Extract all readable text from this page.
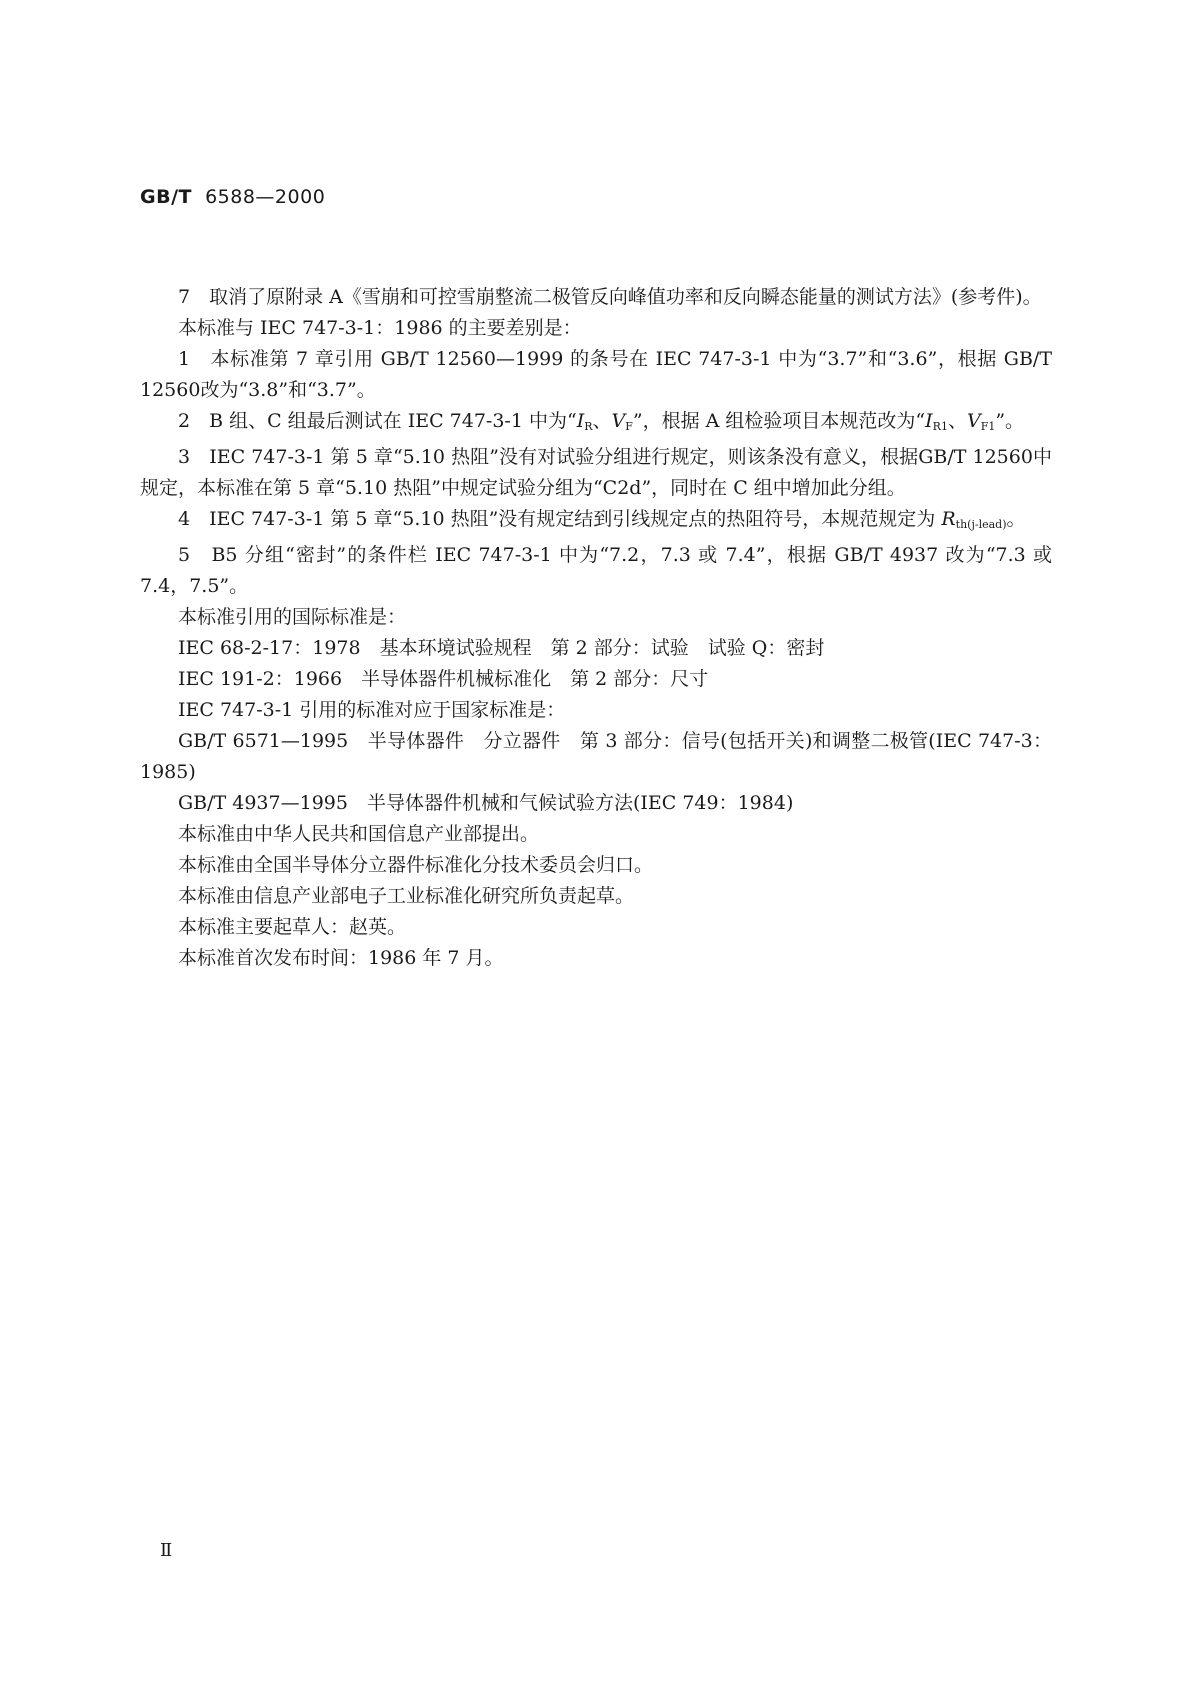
GB/T 6588—2000

7　取消了原附录 A《雪崩和可控雪崩整流二极管反向峰值功率和反向瞬态能量的测试方法》(参考件)。

本标准与 IEC 747-3-1：1986 的主要差别是：

1　本标准第 7 章引用 GB/T 12560—1999 的条号在 IEC 747-3-1 中为“3.7”和“3.6”，根据 GB/T 12560改为“3.8”和“3.7”。

2　B 组、C 组最后测试在 IEC 747-3-1 中为“$I_R$、$V_F$”，根据 A 组检验项目本规范改为“$I_{R1}$、$V_{F1}$”。

3　IEC 747-3-1 第 5 章“5.10 热阻”没有对试验分组进行规定，则该条没有意义，根据GB/T 12560中规定，本标准在第 5 章“5.10 热阻”中规定试验分组为“C2d”，同时在 C 组中增加此分组。

4　IEC 747-3-1 第 5 章“5.10 热阻”没有规定结到引线规定点的热阻符号，本规范规定为 $R_{th(j-lead)}$。

5　B5 分组“密封”的条件栏 IEC 747-3-1 中为“7.2，7.3 或 7.4”，根据 GB/T 4937 改为“7.3 或 7.4，7.5”。

本标准引用的国际标准是：

IEC 68-2-17：1978　基本环境试验规程　第 2 部分：试验　试验 Q：密封

IEC 191-2：1966　半导体器件机械标准化　第 2 部分：尺寸

IEC 747-3-1 引用的标准对应于国家标准是：

GB/T 6571—1995　半导体器件　分立器件　第 3 部分：信号(包括开关)和调整二极管(IEC 747-3：1985)

GB/T 4937—1995　半导体器件机械和气候试验方法(IEC 749：1984)

本标准由中华人民共和国信息产业部提出。

本标准由全国半导体分立器件标准化分技术委员会归口。

本标准由信息产业部电子工业标准化研究所负责起草。

本标准主要起草人：赵英。

本标准首次发布时间：1986 年 7 月。

Ⅱ
